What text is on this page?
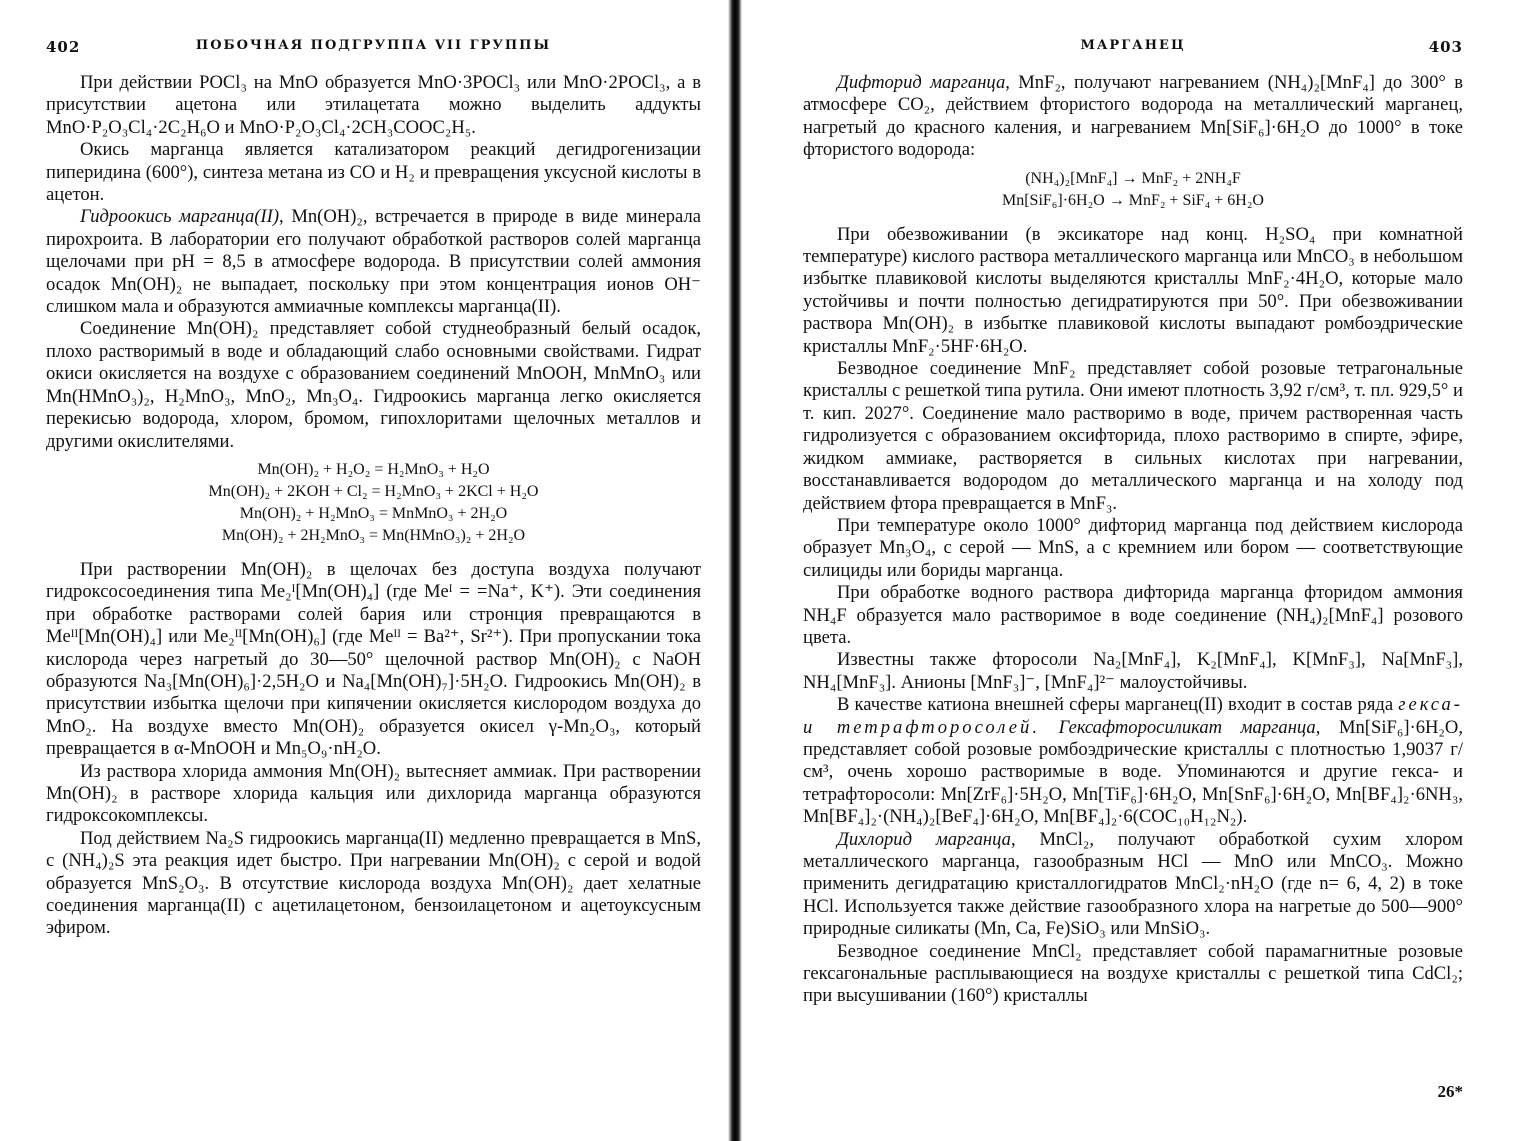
402	ПОБОЧНАЯ ПОДГРУППА VII ГРУППЫ

При действии POCl₃ на MnO образуется MnO·3POCl₃ или MnO·2POCl₃, а в присутствии ацетона или этилацетата можно выделить аддукты MnO·P₂O₃Cl₄·2C₂H₆O и MnO·P₂O₃Cl₄·2CH₃COOC₂H₅.

Окись марганца является катализатором реакций дегидрогенизации пиперидина (600°), синтеза метана из CO и H₂ и превращения уксусной кислоты в ацетон.

Гидроокись марганца(II), Mn(OH)₂, встречается в природе в виде минерала пирохроита. В лаборатории его получают обработкой растворов солей марганца щелочами при pH = 8,5 в атмосфере водорода. В присутствии солей аммония осадок Mn(OH)₂ не выпадает, поскольку при этом концентрация ионов OH⁻ слишком мала и образуются аммиачные комплексы марганца(II).

Соединение Mn(OH)₂ представляет собой студнеобразный белый осадок, плохо растворимый в воде и обладающий слабо основными свойствами. Гидрат окиси окисляется на воздухе с образованием соединений MnOOH, MnMnO₃ или Mn(HMnO₃)₂, H₂MnO₃, MnO₂, Mn₃O₄. Гидроокись марганца легко окисляется перекисью водорода, хлором, бромом, гипохлоритами щелочных металлов и другими окислителями.

Mn(OH)₂ + H₂O₂ = H₂MnO₃ + H₂O
Mn(OH)₂ + 2KOH + Cl₂ = H₂MnO₃ + 2KCl + H₂O
Mn(OH)₂ + H₂MnO₃ = MnMnO₃ + 2H₂O
Mn(OH)₂ + 2H₂MnO₃ = Mn(HMnO₃)₂ + 2H₂O

При растворении Mn(OH)₂ в щелочах без доступа воздуха получают гидроксосоединения типа Me₂ᴵ[Mn(OH)₄] (где Meᴵ = =Na⁺, K⁺). Эти соединения при обработке растворами солей бария или стронция превращаются в Meᴵᴵ[Mn(OH)₄] или Me₂ᴵᴵ[Mn(OH)₆] (где Meᴵᴵ = Ba²⁺, Sr²⁺). При пропускании тока кислорода через нагретый до 30—50° щелочной раствор Mn(OH)₂ с NaOH образуются Na₃[Mn(OH)₆]·2,5H₂O и Na₄[Mn(OH)₇]·5H₂O. Гидроокись Mn(OH)₂ в присутствии избытка щелочи при кипячении окисляется кислородом воздуха до MnO₂. На воздухе вместо Mn(OH)₂ образуется окисел γ-Mn₂O₃, который превращается в α-MnOOH и Mn₅O₉·nH₂O.

Из раствора хлорида аммония Mn(OH)₂ вытесняет аммиак. При растворении Mn(OH)₂ в растворе хлорида кальция или дихлорида марганца образуются гидроксокомплексы.

Под действием Na₂S гидроокись марганца(II) медленно превращается в MnS, с (NH₄)₂S эта реакция идет быстро. При нагревании Mn(OH)₂ с серой и водой образуется MnS₂O₃. В отсутствие кислорода воздуха Mn(OH)₂ дает хелатные соединения марганца(II) с ацетилацетоном, бензоилацетоном и ацетоуксусным эфиром.

МАРГАНЕЦ	403

Дифторид марганца, MnF₂, получают нагреванием (NH₄)₂[MnF₄] до 300° в атмосфере CO₂, действием фтористого водорода на металлический марганец, нагретый до красного каления, и нагреванием Mn[SiF₆]·6H₂O до 1000° в токе фтористого водорода:

(NH₄)₂[MnF₄] → MnF₂ + 2NH₄F
Mn[SiF₆]·6H₂O → MnF₂ + SiF₄ + 6H₂O

При обезвоживании (в эксикаторе над конц. H₂SO₄ при комнатной температуре) кислого раствора металлического марганца или MnCO₃ в небольшом избытке плавиковой кислоты выделяются кристаллы MnF₂·4H₂O, которые мало устойчивы и почти полностью дегидратируются при 50°. При обезвоживании раствора Mn(OH)₂ в избытке плавиковой кислоты выпадают ромбоэдрические кристаллы MnF₂·5HF·6H₂O.

Безводное соединение MnF₂ представляет собой розовые тетрагональные кристаллы с решеткой типа рутила. Они имеют плотность 3,92 г/см³, т. пл. 929,5° и т. кип. 2027°. Соединение мало растворимо в воде, причем растворенная часть гидролизуется с образованием оксифторида, плохо растворимо в спирте, эфире, жидком аммиаке, растворяется в сильных кислотах при нагревании, восстанавливается водородом до металлического марганца и на холоду под действием фтора превращается в MnF₃.

При температуре около 1000° дифторид марганца под действием кислорода образует Mn₃O₄, с серой — MnS, а с кремнием или бором — соответствующие силициды или бориды марганца.

При обработке водного раствора дифторида марганца фторидом аммония NH₄F образуется мало растворимое в воде соединение (NH₄)₂[MnF₄] розового цвета.

Известны также фторосоли Na₂[MnF₄], K₂[MnF₄], K[MnF₃], Na[MnF₃], NH₄[MnF₃]. Анионы [MnF₃]⁻, [MnF₄]²⁻ малоустойчивы.

В качестве катиона внешней сферы марганец(II) входит в состав ряда гекса- и тетрафторосолей. Гексафторосиликат марганца, Mn[SiF₆]·6H₂O, представляет собой розовые ромбоэдрические кристаллы с плотностью 1,9037 г/см³, очень хорошо растворимые в воде. Упоминаются и другие гекса- и тетрафторосоли: Mn[ZrF₆]·5H₂O, Mn[TiF₆]·6H₂O, Mn[SnF₆]·6H₂O, Mn[BF₄]₂·6NH₃, Mn[BF₄]₂·(NH₄)₂[BeF₄]·6H₂O, Mn[BF₄]₂·6(COC₁₀H₁₂N₂).

Дихлорид марганца, MnCl₂, получают обработкой сухим хлором металлического марганца, газообразным HCl — MnO или MnCO₃. Можно применить дегидратацию кристаллогидратов MnCl₂·nH₂O (где n= 6, 4, 2) в токе HCl. Используется также действие газообразного хлора на нагретые до 500—900° природные силикаты (Mn, Ca, Fe)SiO₃ или MnSiO₃.

Безводное соединение MnCl₂ представляет собой парамагнитные розовые гексагональные расплывающиеся на воздухе кристаллы с решеткой типа CdCl₂; при высушивании (160°) кристаллы

26*
